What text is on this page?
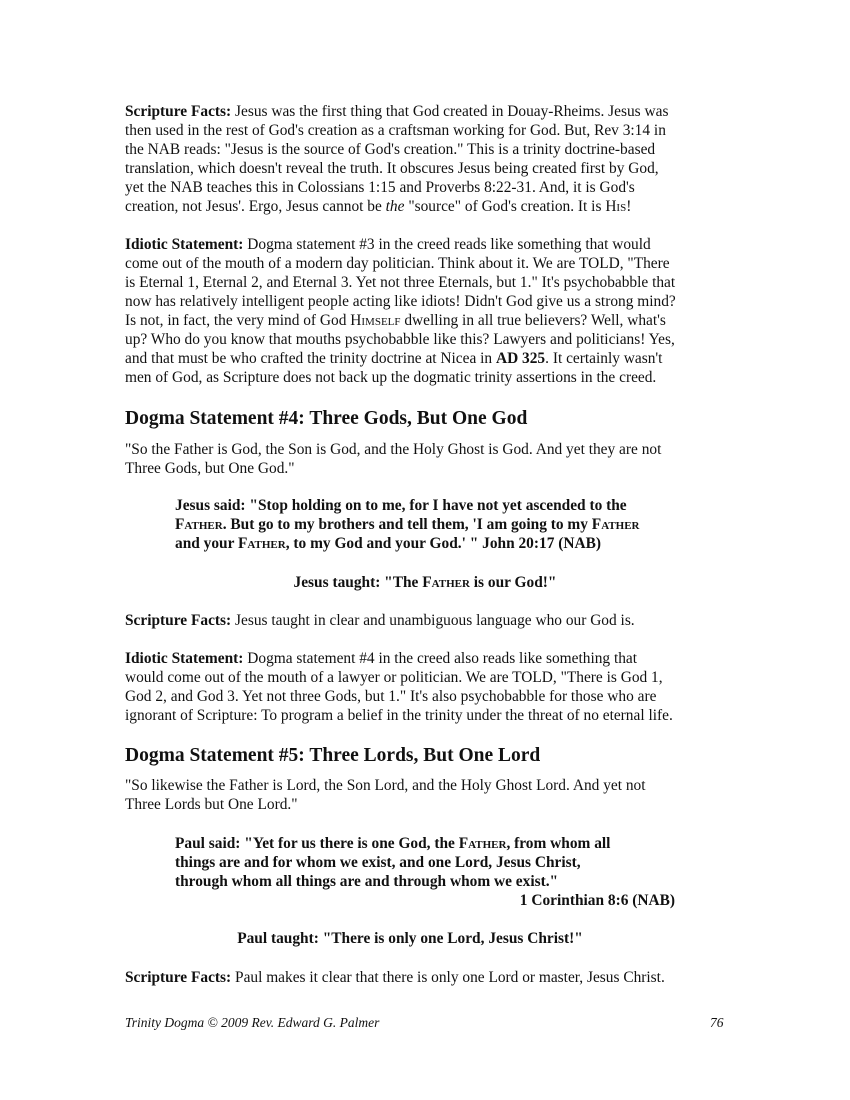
Scripture Facts: Jesus was the first thing that God created in Douay-Rheims. Jesus was
then used in the rest of God's creation as a craftsman working for God. But, Rev 3:14 in
the NAB reads: "Jesus is the source of God's creation." This is a trinity doctrine-based
translation, which doesn't reveal the truth. It obscures Jesus being created first by God,
yet the NAB teaches this in Colossians 1:15 and Proverbs 8:22-31. And, it is God's
creation, not Jesus'. Ergo, Jesus cannot be the "source" of God's creation. It is His!
Idiotic Statement: Dogma statement #3 in the creed reads like something that would
come out of the mouth of a modern day politician. Think about it. We are TOLD, "There
is Eternal 1, Eternal 2, and Eternal 3. Yet not three Eternals, but 1." It's psychobabble that
now has relatively intelligent people acting like idiots! Didn't God give us a strong mind?
Is not, in fact, the very mind of God Himself dwelling in all true believers? Well, what's
up? Who do you know that mouths psychobabble like this? Lawyers and politicians! Yes,
and that must be who crafted the trinity doctrine at Nicea in AD 325. It certainly wasn't
men of God, as Scripture does not back up the dogmatic trinity assertions in the creed.
Dogma Statement #4: Three Gods, But One God
"So the Father is God, the Son is God, and the Holy Ghost is God. And yet they are not
Three Gods, but One God."
Jesus said: "Stop holding on to me, for I have not yet ascended to the
Father. But go to my brothers and tell them, 'I am going to my Father
and your Father, to my God and your God.' " John 20:17 (NAB)
Jesus taught: "The Father is our God!"
Scripture Facts: Jesus taught in clear and unambiguous language who our God is.
Idiotic Statement: Dogma statement #4 in the creed also reads like something that
would come out of the mouth of a lawyer or politician. We are TOLD, "There is God 1,
God 2, and God 3. Yet not three Gods, but 1." It's also psychobabble for those who are
ignorant of Scripture: To program a belief in the trinity under the threat of no eternal life.
Dogma Statement #5: Three Lords, But One Lord
"So likewise the Father is Lord, the Son Lord, and the Holy Ghost Lord. And yet not
Three Lords but One Lord."
Paul said: "Yet for us there is one God, the Father, from whom all
things are and for whom we exist, and one Lord, Jesus Christ,
through whom all things are and through whom we exist."
1 Corinthian 8:6 (NAB)
Paul taught: "There is only one Lord, Jesus Christ!"
Scripture Facts: Paul makes it clear that there is only one Lord or master, Jesus Christ.
Trinity Dogma © 2009 Rev. Edward G. Palmer	76
